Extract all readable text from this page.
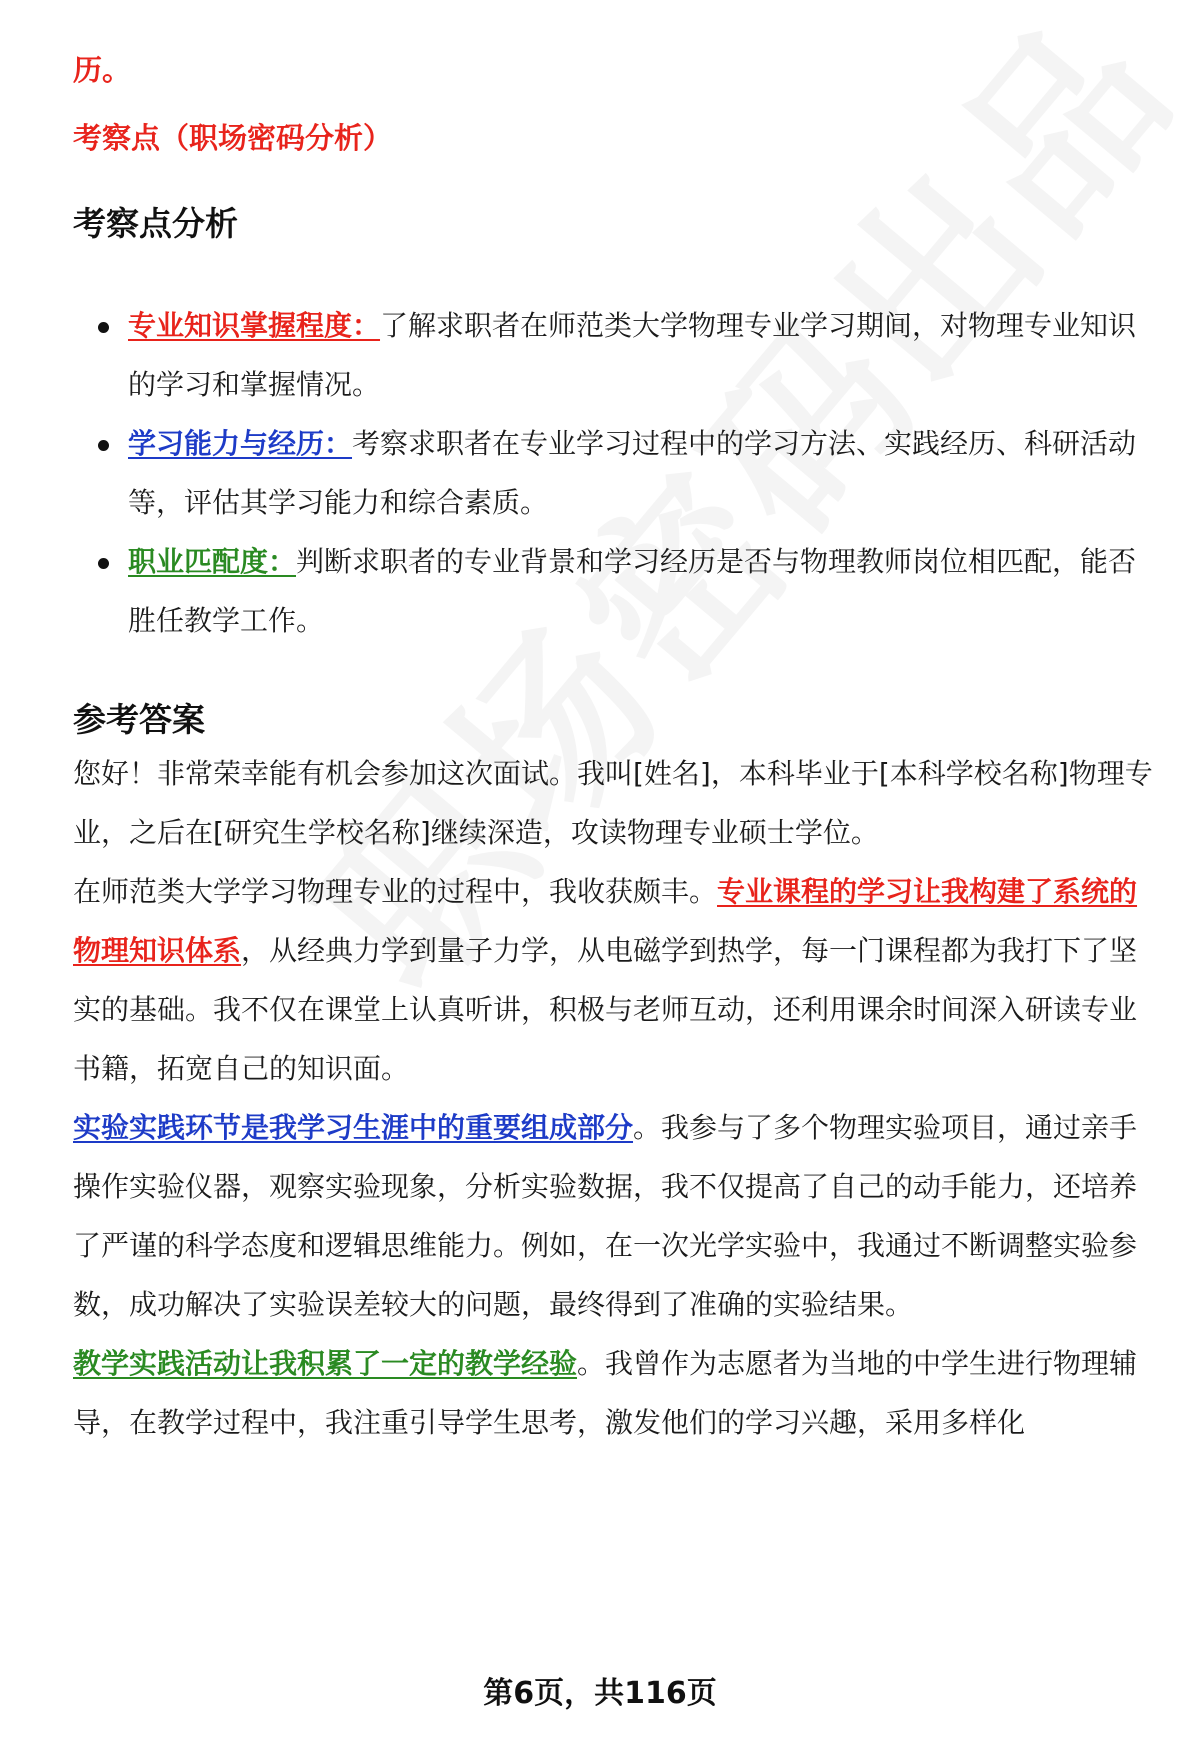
历。

考察点（职场密码分析）

考察点分析
专业知识掌握程度：了解求职者在师范类大学物理专业学习期间，对物理专业知识的学习和掌握情况。
学习能力与经历：考察求职者在专业学习过程中的学习方法、实践经历、科研活动等，评估其学习能力和综合素质。
职业匹配度：判断求职者的专业背景和学习经历是否与物理教师岗位相匹配，能否胜任教学工作。
参考答案

您好！非常荣幸能有机会参加这次面试。我叫[姓名]，本科毕业于[本科学校名称]物理专业，之后在[研究生学校名称]继续深造，攻读物理专业硕士学位。

在师范类大学学习物理专业的过程中，我收获颇丰。专业课程的学习让我构建了系统的物理知识体系，从经典力学到量子力学，从电磁学到热学，每一门课程都为我打下了坚实的基础。我不仅在课堂上认真听讲，积极与老师互动，还利用课余时间深入研读专业书籍，拓宽自己的知识面。

实验实践环节是我学习生涯中的重要组成部分。我参与了多个物理实验项目，通过亲手操作实验仪器，观察实验现象，分析实验数据，我不仅提高了自己的动手能力，还培养了严谨的科学态度和逻辑思维能力。例如，在一次光学实验中，我通过不断调整实验参数，成功解决了实验误差较大的问题，最终得到了准确的实验结果。

教学实践活动让我积累了一定的教学经验。我曾作为志愿者为当地的中学生进行物理辅导，在教学过程中，我注重引导学生思考，激发他们的学习兴趣，采用多样化

第6页，共116页
